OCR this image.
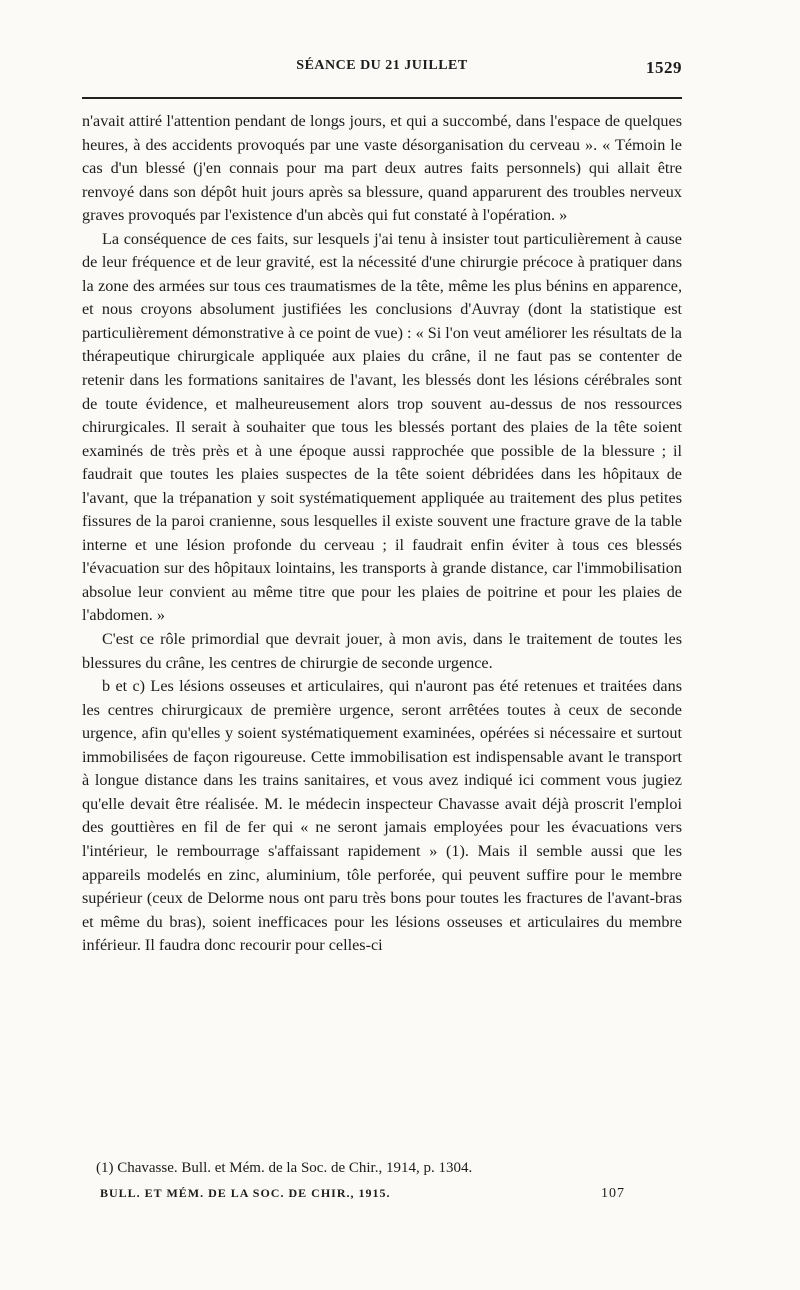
SÉANCE DU 21 JUILLET	1529

n'avait attiré l'attention pendant de longs jours, et qui a succombé, dans l'espace de quelques heures, à des accidents provoqués par une vaste désorganisation du cerveau ». « Témoin le cas d'un blessé (j'en connais pour ma part deux autres faits personnels) qui allait être renvoyé dans son dépôt huit jours après sa blessure, quand apparurent des troubles nerveux graves provoqués par l'existence d'un abcès qui fut constaté à l'opération. »

La conséquence de ces faits, sur lesquels j'ai tenu à insister tout particulièrement à cause de leur fréquence et de leur gravité, est la nécessité d'une chirurgie précoce à pratiquer dans la zone des armées sur tous ces traumatismes de la tête, même les plus bénins en apparence, et nous croyons absolument justifiées les conclusions d'Auvray (dont la statistique est particulièrement démonstrative à ce point de vue) : « Si l'on veut améliorer les résultats de la thérapeutique chirurgicale appliquée aux plaies du crâne, il ne faut pas se contenter de retenir dans les formations sanitaires de l'avant, les blessés dont les lésions cérébrales sont de toute évidence, et malheureusement alors trop souvent au-dessus de nos ressources chirurgicales. Il serait à souhaiter que tous les blessés portant des plaies de la tête soient examinés de très près et à une époque aussi rapprochée que possible de la blessure ; il faudrait que toutes les plaies suspectes de la tête soient débridées dans les hôpitaux de l'avant, que la trépanation y soit systématiquement appliquée au traitement des plus petites fissures de la paroi cranienne, sous lesquelles il existe souvent une fracture grave de la table interne et une lésion profonde du cerveau ; il faudrait enfin éviter à tous ces blessés l'évacuation sur des hôpitaux lointains, les transports à grande distance, car l'immobilisation absolue leur convient au même titre que pour les plaies de poitrine et pour les plaies de l'abdomen. »

C'est ce rôle primordial que devrait jouer, à mon avis, dans le traitement de toutes les blessures du crâne, les centres de chirurgie de seconde urgence.

b et c) Les lésions osseuses et articulaires, qui n'auront pas été retenues et traitées dans les centres chirurgicaux de première urgence, seront arrêtées toutes à ceux de seconde urgence, afin qu'elles y soient systématiquement examinées, opérées si nécessaire et surtout immobilisées de façon rigoureuse. Cette immobilisation est indispensable avant le transport à longue distance dans les trains sanitaires, et vous avez indiqué ici comment vous jugiez qu'elle devait être réalisée. M. le médecin inspecteur Chavasse avait déjà proscrit l'emploi des gouttières en fil de fer qui « ne seront jamais employées pour les évacuations vers l'intérieur, le rembourrage s'affaissant rapidement » (1). Mais il semble aussi que les appareils modelés en zinc, aluminium, tôle perforée, qui peuvent suffire pour le membre supérieur (ceux de Delorme nous ont paru très bons pour toutes les fractures de l'avant-bras et même du bras), soient inefficaces pour les lésions osseuses et articulaires du membre inférieur. Il faudra donc recourir pour celles-ci

(1) Chavasse. Bull. et Mém. de la Soc. de Chir., 1914, p. 1304.

BULL. ET MÉM. DE LA SOC. DE CHIR., 1915.	107
